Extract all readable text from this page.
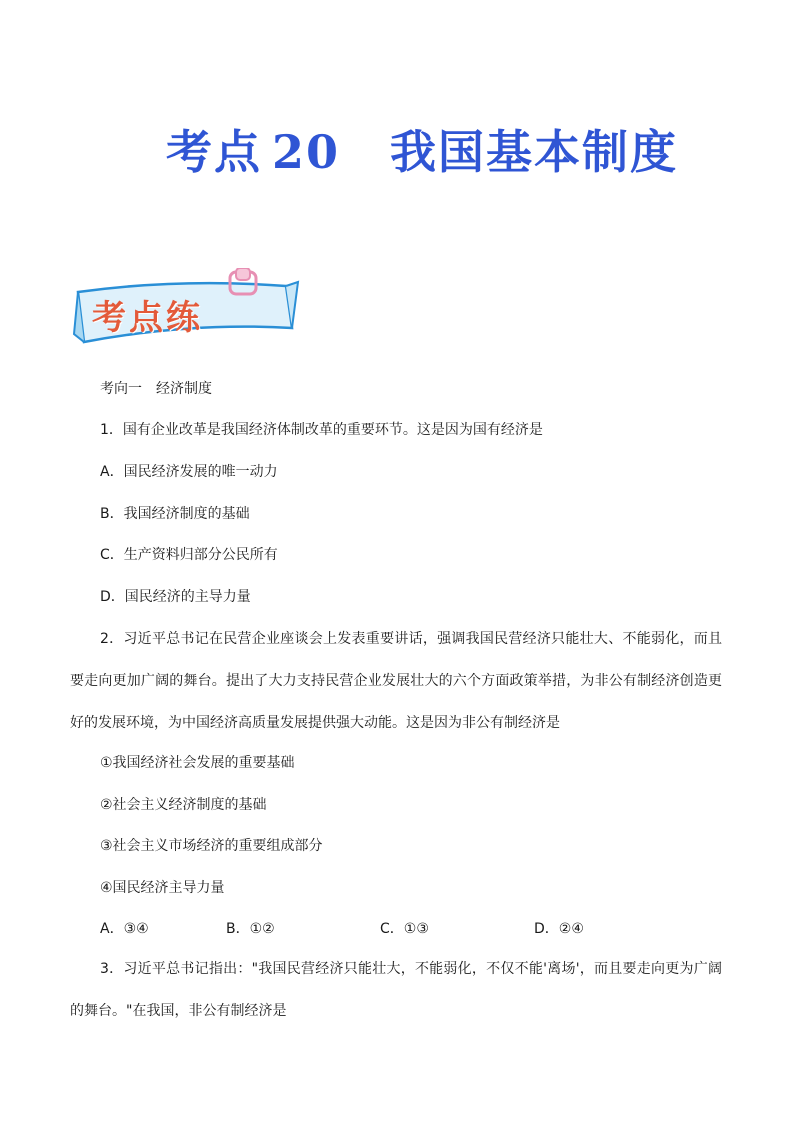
考点 20 我国基本制度
考点练
考向一　经济制度
1．国有企业改革是我国经济体制改革的重要环节。这是因为国有经济是
A．国民经济发展的唯一动力
B．我国经济制度的基础
C．生产资料归部分公民所有
D．国民经济的主导力量
2．习近平总书记在民营企业座谈会上发表重要讲话，强调我国民营经济只能壮大、不能弱化，而且要走向更加广阔的舞台。提出了大力支持民营企业发展壮大的六个方面政策举措，为非公有制经济创造更好的发展环境，为中国经济高质量发展提供强大动能。这是因为非公有制经济是
①我国经济社会发展的重要基础
②社会主义经济制度的基础
③社会主义市场经济的重要组成部分
④国民经济主导力量
A．③④	B．①②	C．①③	D．②④
3．习近平总书记指出："我国民营经济只能壮大，不能弱化，不仅不能'离场'，而且要走向更为广阔的舞台。"在我国，非公有制经济是
